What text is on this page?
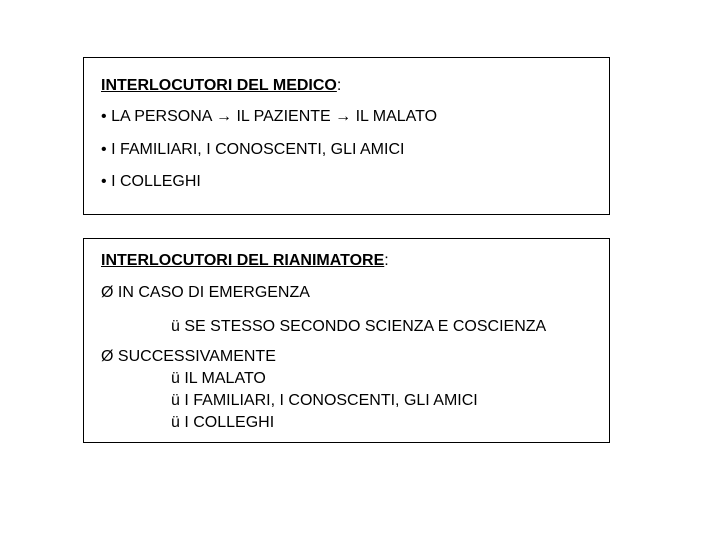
INTERLOCUTORI DEL MEDICO:
• LA PERSONA → IL PAZIENTE → IL MALATO
• I FAMILIARI, I CONOSCENTI, GLI AMICI
• I COLLEGHI
INTERLOCUTORI DEL RIANIMATORE:
Ø IN CASO DI EMERGENZA
ü SE STESSO SECONDO SCIENZA E COSCIENZA
Ø SUCCESSIVAMENTE
ü IL MALATO
ü I FAMILIARI, I CONOSCENTI, GLI AMICI
ü I COLLEGHI
